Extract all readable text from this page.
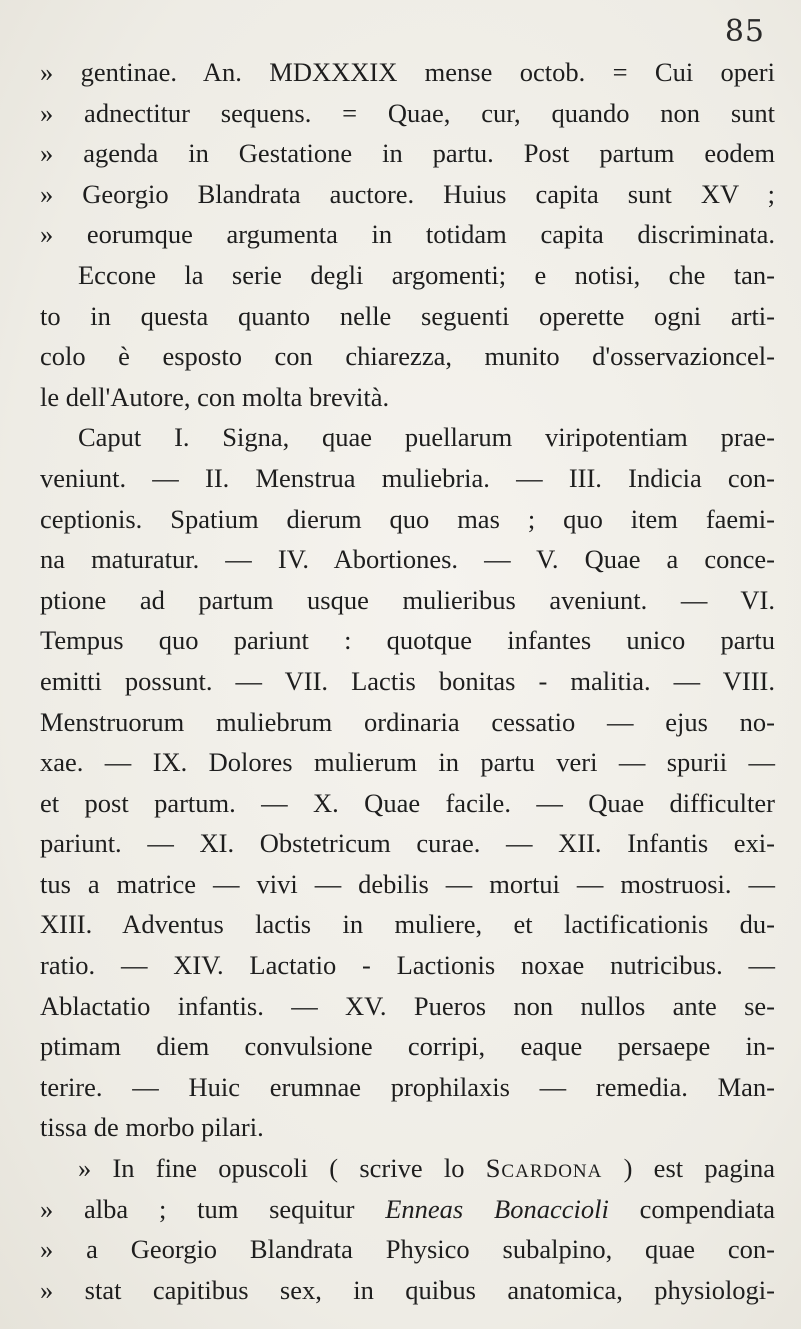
85
» gentinae. An. MDXXXIX mense octob. = Cui operi
» adnectitur sequens. = Quae, cur, quando non sunt
» agenda in Gestatione in partu. Post partum eodem
» Georgio Blandrata auctore. Huius capita sunt XV ;
» eorumque argumenta in totidam capita discriminata.
Eccone la serie degli argomenti; e notisi, che tan-
to in questa quanto nelle seguenti operette ogni arti-
colo è esposto con chiarezza, munito d'osservazioncel-
le dell'Autore, con molta brevità.
Caput I. Signa, quae puellarum viripotentiam prae-
veniunt. — II. Menstrua muliebria. — III. Indicia con-
ceptionis. Spatium dierum quo mas ; quo item faemi-
na maturatur. — IV. Abortiones. — V. Quae a conce-
ptione ad partum usque mulieribus aveniunt. — VI.
Tempus quo pariunt : quotque infantes unico partu
emitti possunt. — VII. Lactis bonitas - malitia. — VIII.
Menstruorum muliebrum ordinaria cessatio — ejus no-
xae. — IX. Dolores mulierum in partu veri — spurii —
et post partum. — X. Quae facile. — Quae difficulter
pariunt. — XI. Obstetricum curae. — XII. Infantis exi-
tus a matrice — vivi — debilis — mortui — mostruosi. —
XIII. Adventus lactis in muliere, et lactificationis du-
ratio. — XIV. Lactatio - Lactionis noxae nutricibus. —
Ablactatio infantis. — XV. Pueros non nullos ante se-
ptimam diem convulsione corripi, eaque persaepe in-
terire. — Huic erumnae prophilaxis — remedia. Man-
tissa de morbo pilari.
» In fine opuscoli ( scrive lo Scardona ) est pagina
» alba ; tum sequitur Enneas Bonaccioli compendiata
» a Georgio Blandrata Physico subalpino, quae con-
» stat capitibus sex, in quibus anatomica, physiologi-
